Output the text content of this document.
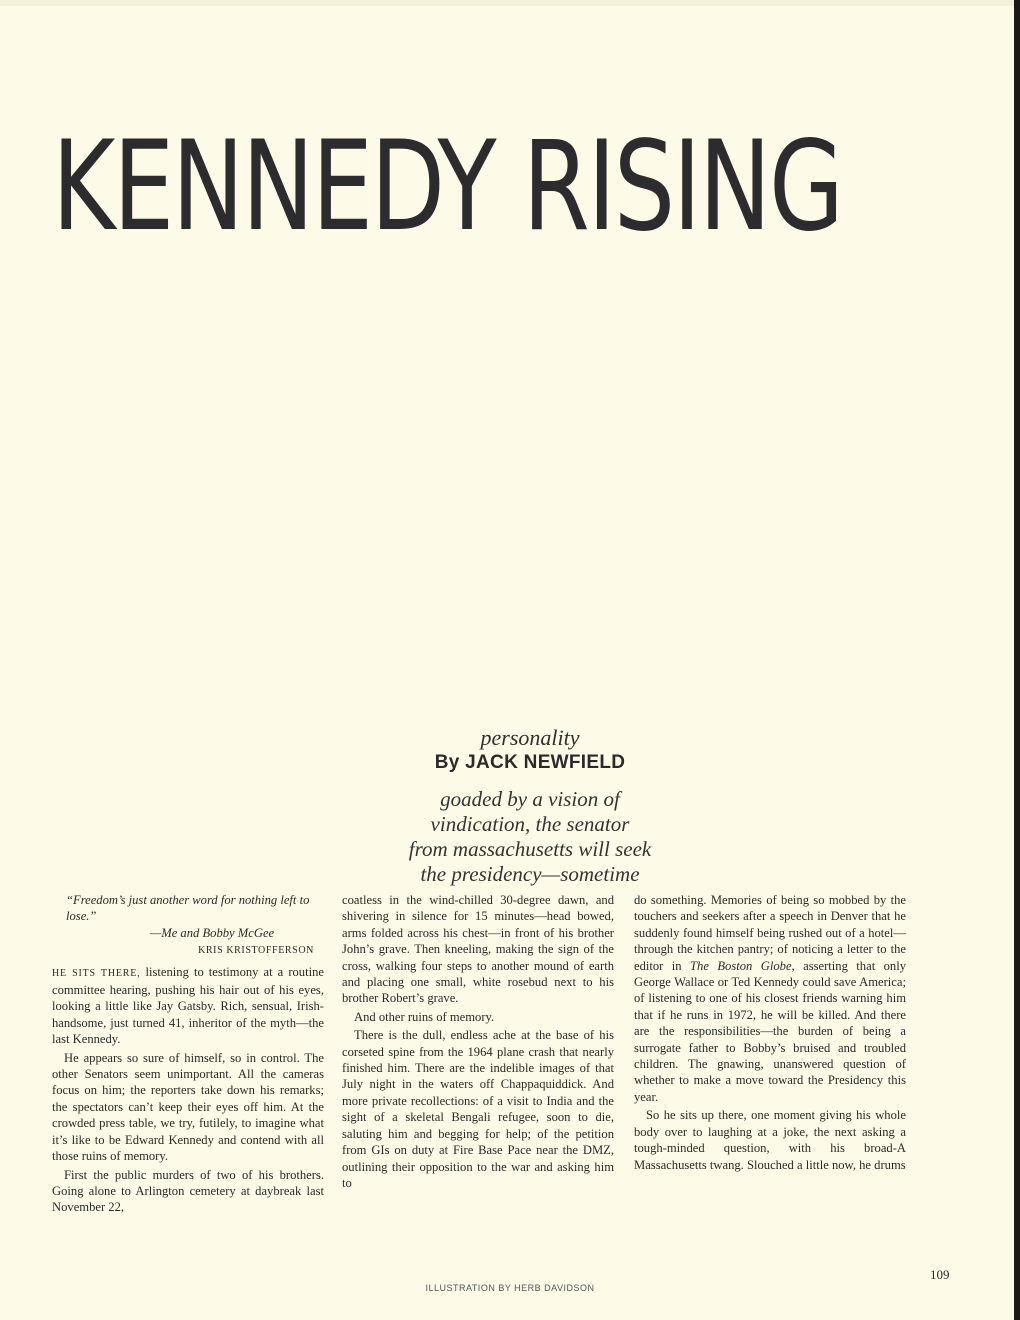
KENNEDY RISING
personality
By JACK NEWFIELD
goaded by a vision of
vindication, the senator
from massachusetts will seek
the presidency—sometime
“Freedom’s just another word for nothing left to lose.”
—Me and Bobby McGee
KRIS KRISTOFFERSON

HE SITS THERE, listening to testimony at a routine committee hearing, pushing his hair out of his eyes, looking a little like Jay Gatsby. Rich, sensual, Irish-handsome, just turned 41, inheritor of the myth—the last Kennedy.

He appears so sure of himself, so in control. The other Senators seem unimportant. All the cameras focus on him; the reporters take down his remarks; the spectators can’t keep their eyes off him. At the crowded press table, we try, futilely, to imagine what it’s like to be Edward Kennedy and contend with all those ruins of memory.

First the public murders of two of his brothers. Going alone to Arlington cemetery at daybreak last November 22,

coatless in the wind-chilled 30-degree dawn, and shivering in silence for 15 minutes—head bowed, arms folded across his chest—in front of his brother John’s grave. Then kneeling, making the sign of the cross, walking four steps to another mound of earth and placing one small, white rosebud next to his brother Robert’s grave.

And other ruins of memory.

There is the dull, endless ache at the base of his corseted spine from the 1964 plane crash that nearly finished him. There are the indelible images of that July night in the waters off Chappaquiddick. And more private recollections: of a visit to India and the sight of a skeletal Bengali refugee, soon to die, saluting him and begging for help; of the petition from GIs on duty at Fire Base Pace near the DMZ, outlining their opposition to the war and asking him to

do something. Memories of being so mobbed by the touchers and seekers after a speech in Denver that he suddenly found himself being rushed out of a hotel—through the kitchen pantry; of noticing a letter to the editor in The Boston Globe, asserting that only George Wallace or Ted Kennedy could save America; of listening to one of his closest friends warning him that if he runs in 1972, he will be killed. And there are the responsibilities—the burden of being a surrogate father to Bobby’s bruised and troubled children. The gnawing, unanswered question of whether to make a move toward the Presidency this year.

So he sits up there, one moment giving his whole body over to laughing at a joke, the next asking a tough-minded question, with his broad-A Massachusetts twang. Slouched a little now, he drums

109
ILLUSTRATION BY HERB DAVIDSON
